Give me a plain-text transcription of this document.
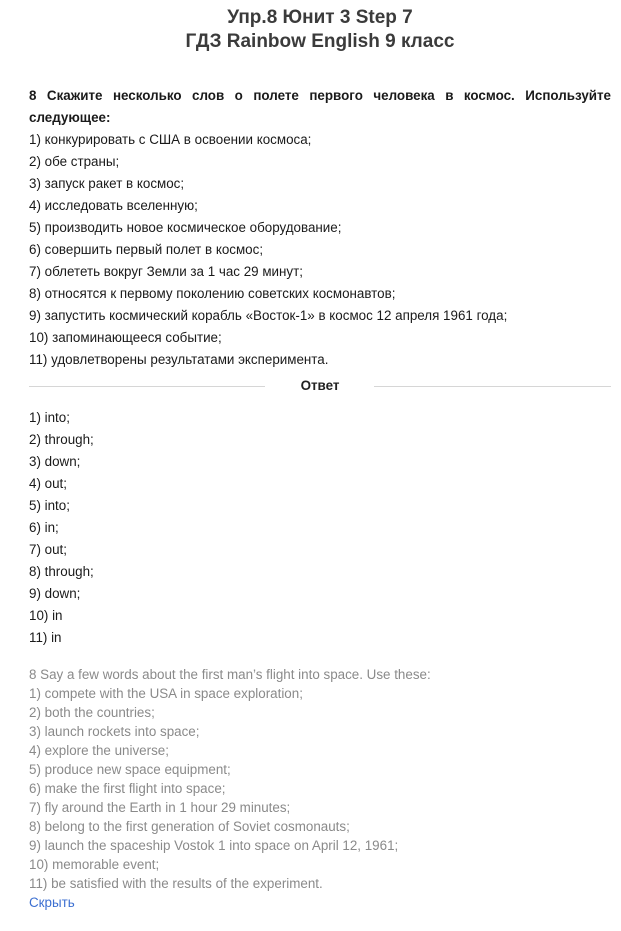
Упр.8 Юнит 3 Step 7
ГДЗ Rainbow English 9 класс
8 Скажите несколько слов о полете первого человека в космос. Используйте следующее:
1) конкурировать с США в освоении космоса;
2) обе страны;
3) запуск ракет в космос;
4) исследовать вселенную;
5) производить новое космическое оборудование;
6) совершить первый полет в космос;
7) облететь вокруг Земли за 1 час 29 минут;
8) относятся к первому поколению советских космонавтов;
9) запустить космический корабль «Восток-1» в космос 12 апреля 1961 года;
10) запоминающееся событие;
11) удовлетворены результатами эксперимента.
Ответ
1) into;
2) through;
3) down;
4) out;
5) into;
6) in;
7) out;
8) through;
9) down;
10) in
11) in
8 Say a few words about the first man’s flight into space. Use these:
1) compete with the USA in space exploration;
2) both the countries;
3) launch rockets into space;
4) explore the universe;
5) produce new space equipment;
6) make the first flight into space;
7) fly around the Earth in 1 hour 29 minutes;
8) belong to the first generation of Soviet cosmonauts;
9) launch the spaceship Vostok 1 into space on April 12, 1961;
10) memorable event;
11) be satisfied with the results of the experiment.
Скрыть
